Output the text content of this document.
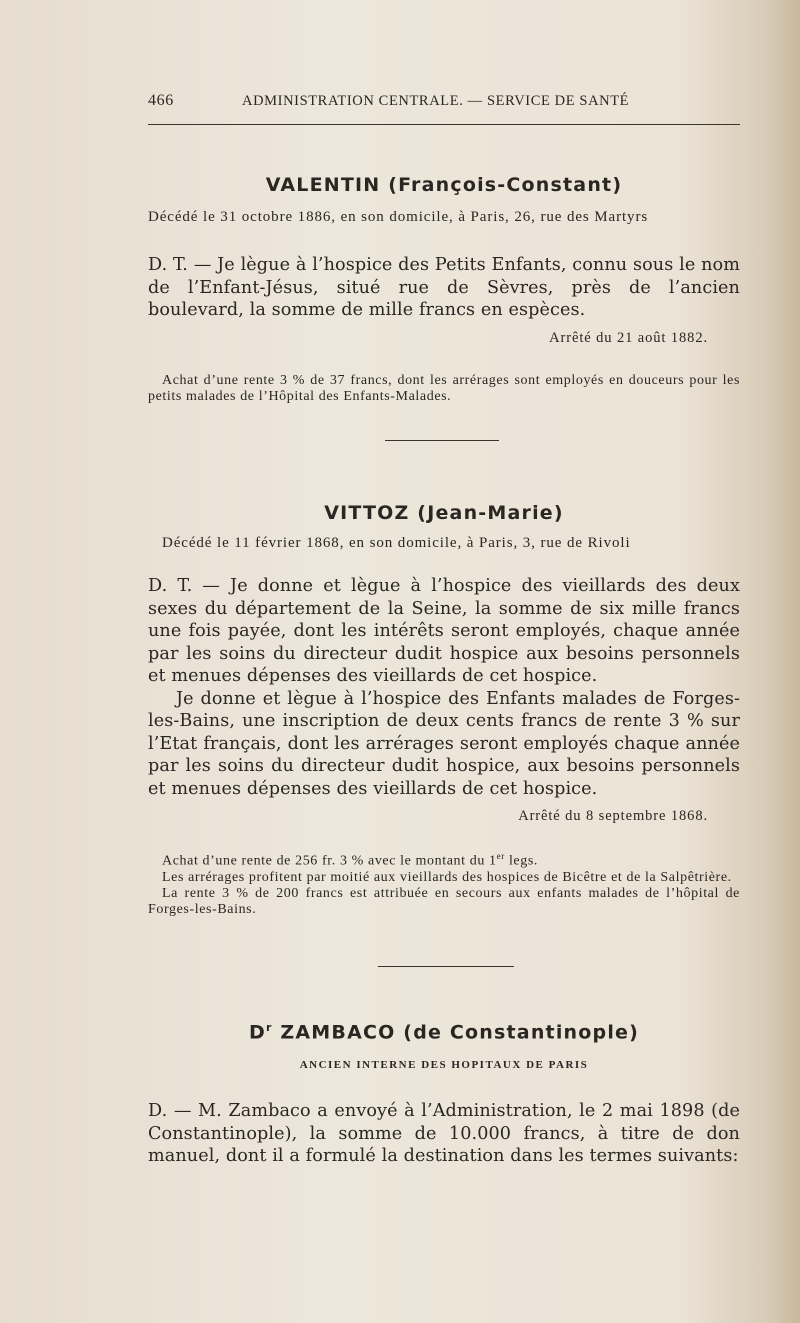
466	ADMINISTRATION CENTRALE. — SERVICE DE SANTÉ
VALENTIN (François-Constant)
Décédé le 31 octobre 1886, en son domicile, à Paris, 26, rue des Martyrs

D. T. — Je lègue à l’hospice des Petits Enfants, connu sous le nom de l’Enfant-Jésus, situé rue de Sèvres, près de l’ancien boulevard, la somme de mille francs en espèces.

Arrêté du 21 août 1882.

Achat d’une rente 3 % de 37 francs, dont les arrérages sont employés en douceurs pour les petits malades de l’Hôpital des Enfants-Malades.

VITTOZ (Jean-Marie)
Décédé le 11 février 1868, en son domicile, à Paris, 3, rue de Rivoli

D. T. — Je donne et lègue à l’hospice des vieillards des deux sexes du département de la Seine, la somme de six mille francs une fois payée, dont les intérêts seront employés, chaque année par les soins du directeur dudit hospice aux besoins personnels et menues dépenses des vieillards de cet hospice.

Je donne et lègue à l’hospice des Enfants malades de Forges-les-Bains, une inscription de deux cents francs de rente 3 % sur l’Etat français, dont les arrérages seront employés chaque année par les soins du directeur dudit hospice, aux besoins personnels et menues dépenses des vieillards de cet hospice.

Arrêté du 8 septembre 1868.

Achat d’une rente de 256 fr. 3 % avec le montant du 1er legs.

Les arrérages profitent par moitié aux vieillards des hospices de Bicêtre et de la Salpêtrière.

La rente 3 % de 200 francs est attribuée en secours aux enfants malades de l’hôpital de Forges-les-Bains.

$D^r$ ZAMBACO (de Constantinople)
ANCIEN INTERNE DES HOPITAUX DE PARIS

D. — M. Zambaco a envoyé à l’Administration, le 2 mai 1898 (de Constantinople), la somme de 10.000 francs, à titre de don manuel, dont il a formulé la destination dans les termes suivants:
